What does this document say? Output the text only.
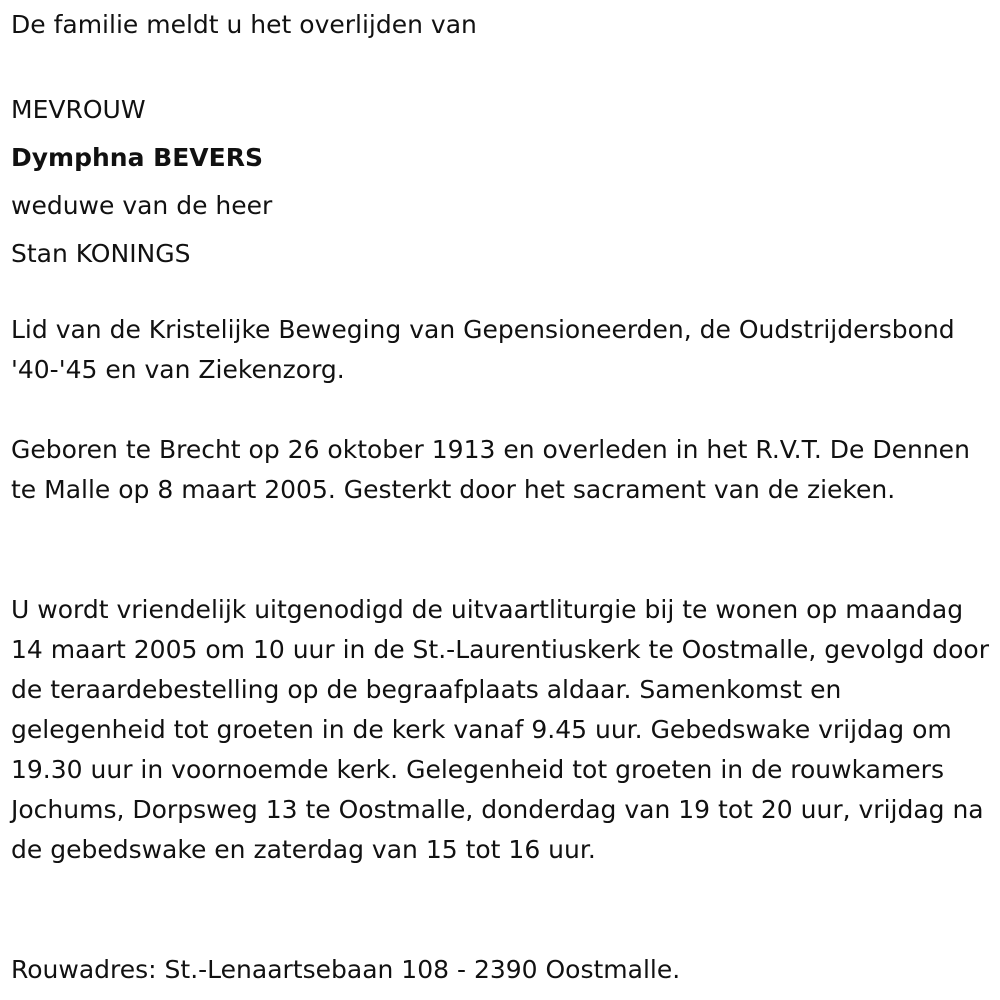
De familie meldt u het overlijden van

MEVROUW

Dymphna BEVERS

weduwe van de heer

Stan KONINGS

Lid van de Kristelijke Beweging van Gepensioneerden, de Oudstrijdersbond '40-'45 en van Ziekenzorg.

Geboren te Brecht op 26 oktober 1913 en overleden in het R.V.T. De Dennen te Malle op 8 maart 2005. Gesterkt door het sacrament van de zieken.

U wordt vriendelijk uitgenodigd de uitvaartliturgie bij te wonen op maandag 14 maart 2005 om 10 uur in de St.-Laurentiuskerk te Oostmalle, gevolgd door de teraardebestelling op de begraafplaats aldaar. Samenkomst en gelegenheid tot groeten in de kerk vanaf 9.45 uur. Gebedswake vrijdag om 19.30 uur in voornoemde kerk. Gelegenheid tot groeten in de rouwkamers Jochums, Dorpsweg 13 te Oostmalle, donderdag van 19 tot 20 uur, vrijdag na de gebedswake en zaterdag van 15 tot 16 uur.

Rouwadres: St.-Lenaartsebaan 108 - 2390 Oostmalle.
